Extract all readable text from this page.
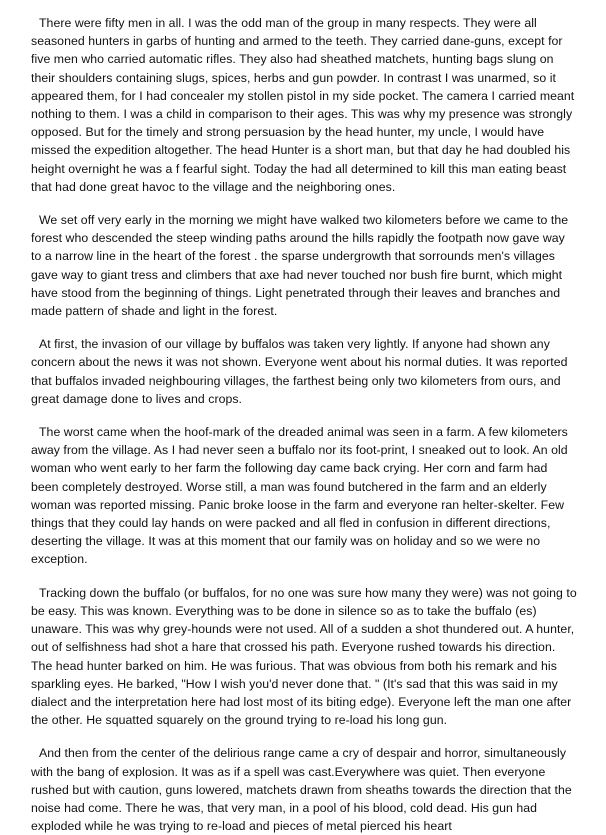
There were fifty men in all. I was the odd man of the group in many respects. They were all seasoned hunters in garbs of hunting and armed to the teeth. They carried dane-guns, except for five men who carried automatic rifles. They also had sheathed matchets, hunting bags slung on their shoulders containing slugs, spices, herbs and gun powder. In contrast I was unarmed, so it appeared them, for I had concealer my stollen pistol in my side pocket. The camera I carried meant nothing to them. I was a child in comparison to their ages. This was why my presence was strongly opposed. But for the timely and strong persuasion by the head hunter, my uncle, I would have missed the expedition altogether. The head Hunter is a short man, but that day he had doubled his height overnight he was a f fearful sight. Today the had all determined to kill this man eating beast that had done great havoc to the village and the neighboring ones.

We set off very early in the morning we might have walked two kilometers before we came to the forest who descended the steep winding paths around the hills rapidly the footpath now gave way to a narrow line in the heart of the forest . the sparse undergrowth that sorrounds men's villages gave way to giant tress and climbers that axe had never touched nor bush fire burnt, which might have stood from the beginning of things. Light penetrated through their leaves and branches and made pattern of shade and light in the forest.

At first, the invasion of our village by buffalos was taken very lightly. If anyone had shown any concern about the news it was not shown. Everyone went about his normal duties. It was reported that buffalos invaded neighbouring villages, the farthest being only two kilometers from ours, and great damage done to lives and crops.

The worst came when the hoof-mark of the dreaded animal was seen in a farm. A few kilometers away from the village. As I had never seen a buffalo nor its foot-print, I sneaked out to look. An old woman who went early to her farm the following day came back crying. Her corn and farm had been completely destroyed. Worse still, a man was found butchered in the farm and an elderly woman was reported missing. Panic broke loose in the farm and everyone ran helter-skelter. Few things that they could lay hands on were packed and all fled in confusion in different directions, deserting the village. It was at this moment that our family was on holiday and so we were no exception.

Tracking down the buffalo (or buffalos, for no one was sure how many they were) was not going to be easy. This was known. Everything was to be done in silence so as to take the buffalo (es) unaware. This was why grey-hounds were not used. All of a sudden a shot thundered out. A hunter, out of selfishness had shot a hare that crossed his path. Everyone rushed towards his direction. The head hunter barked on him. He was furious. That was obvious from both his remark and his sparkling eyes. He barked, "How I wish you'd never done that. " (It's sad that this was said in my dialect and the interpretation here had lost most of its biting edge). Everyone left the man one after the other. He squatted squarely on the ground trying to re-load his long gun.

And then from the center of the delirious range came a cry of despair and horror, simultaneously with the bang of explosion. It was as if a spell was cast.Everywhere was quiet. Then everyone rushed but with caution, guns lowered, matchets drawn from sheaths towards the direction that the noise had come. There he was, that very man, in a pool of his blood, cold dead. His gun had exploded while he was trying to re-load and pieces of metal pierced his heart
